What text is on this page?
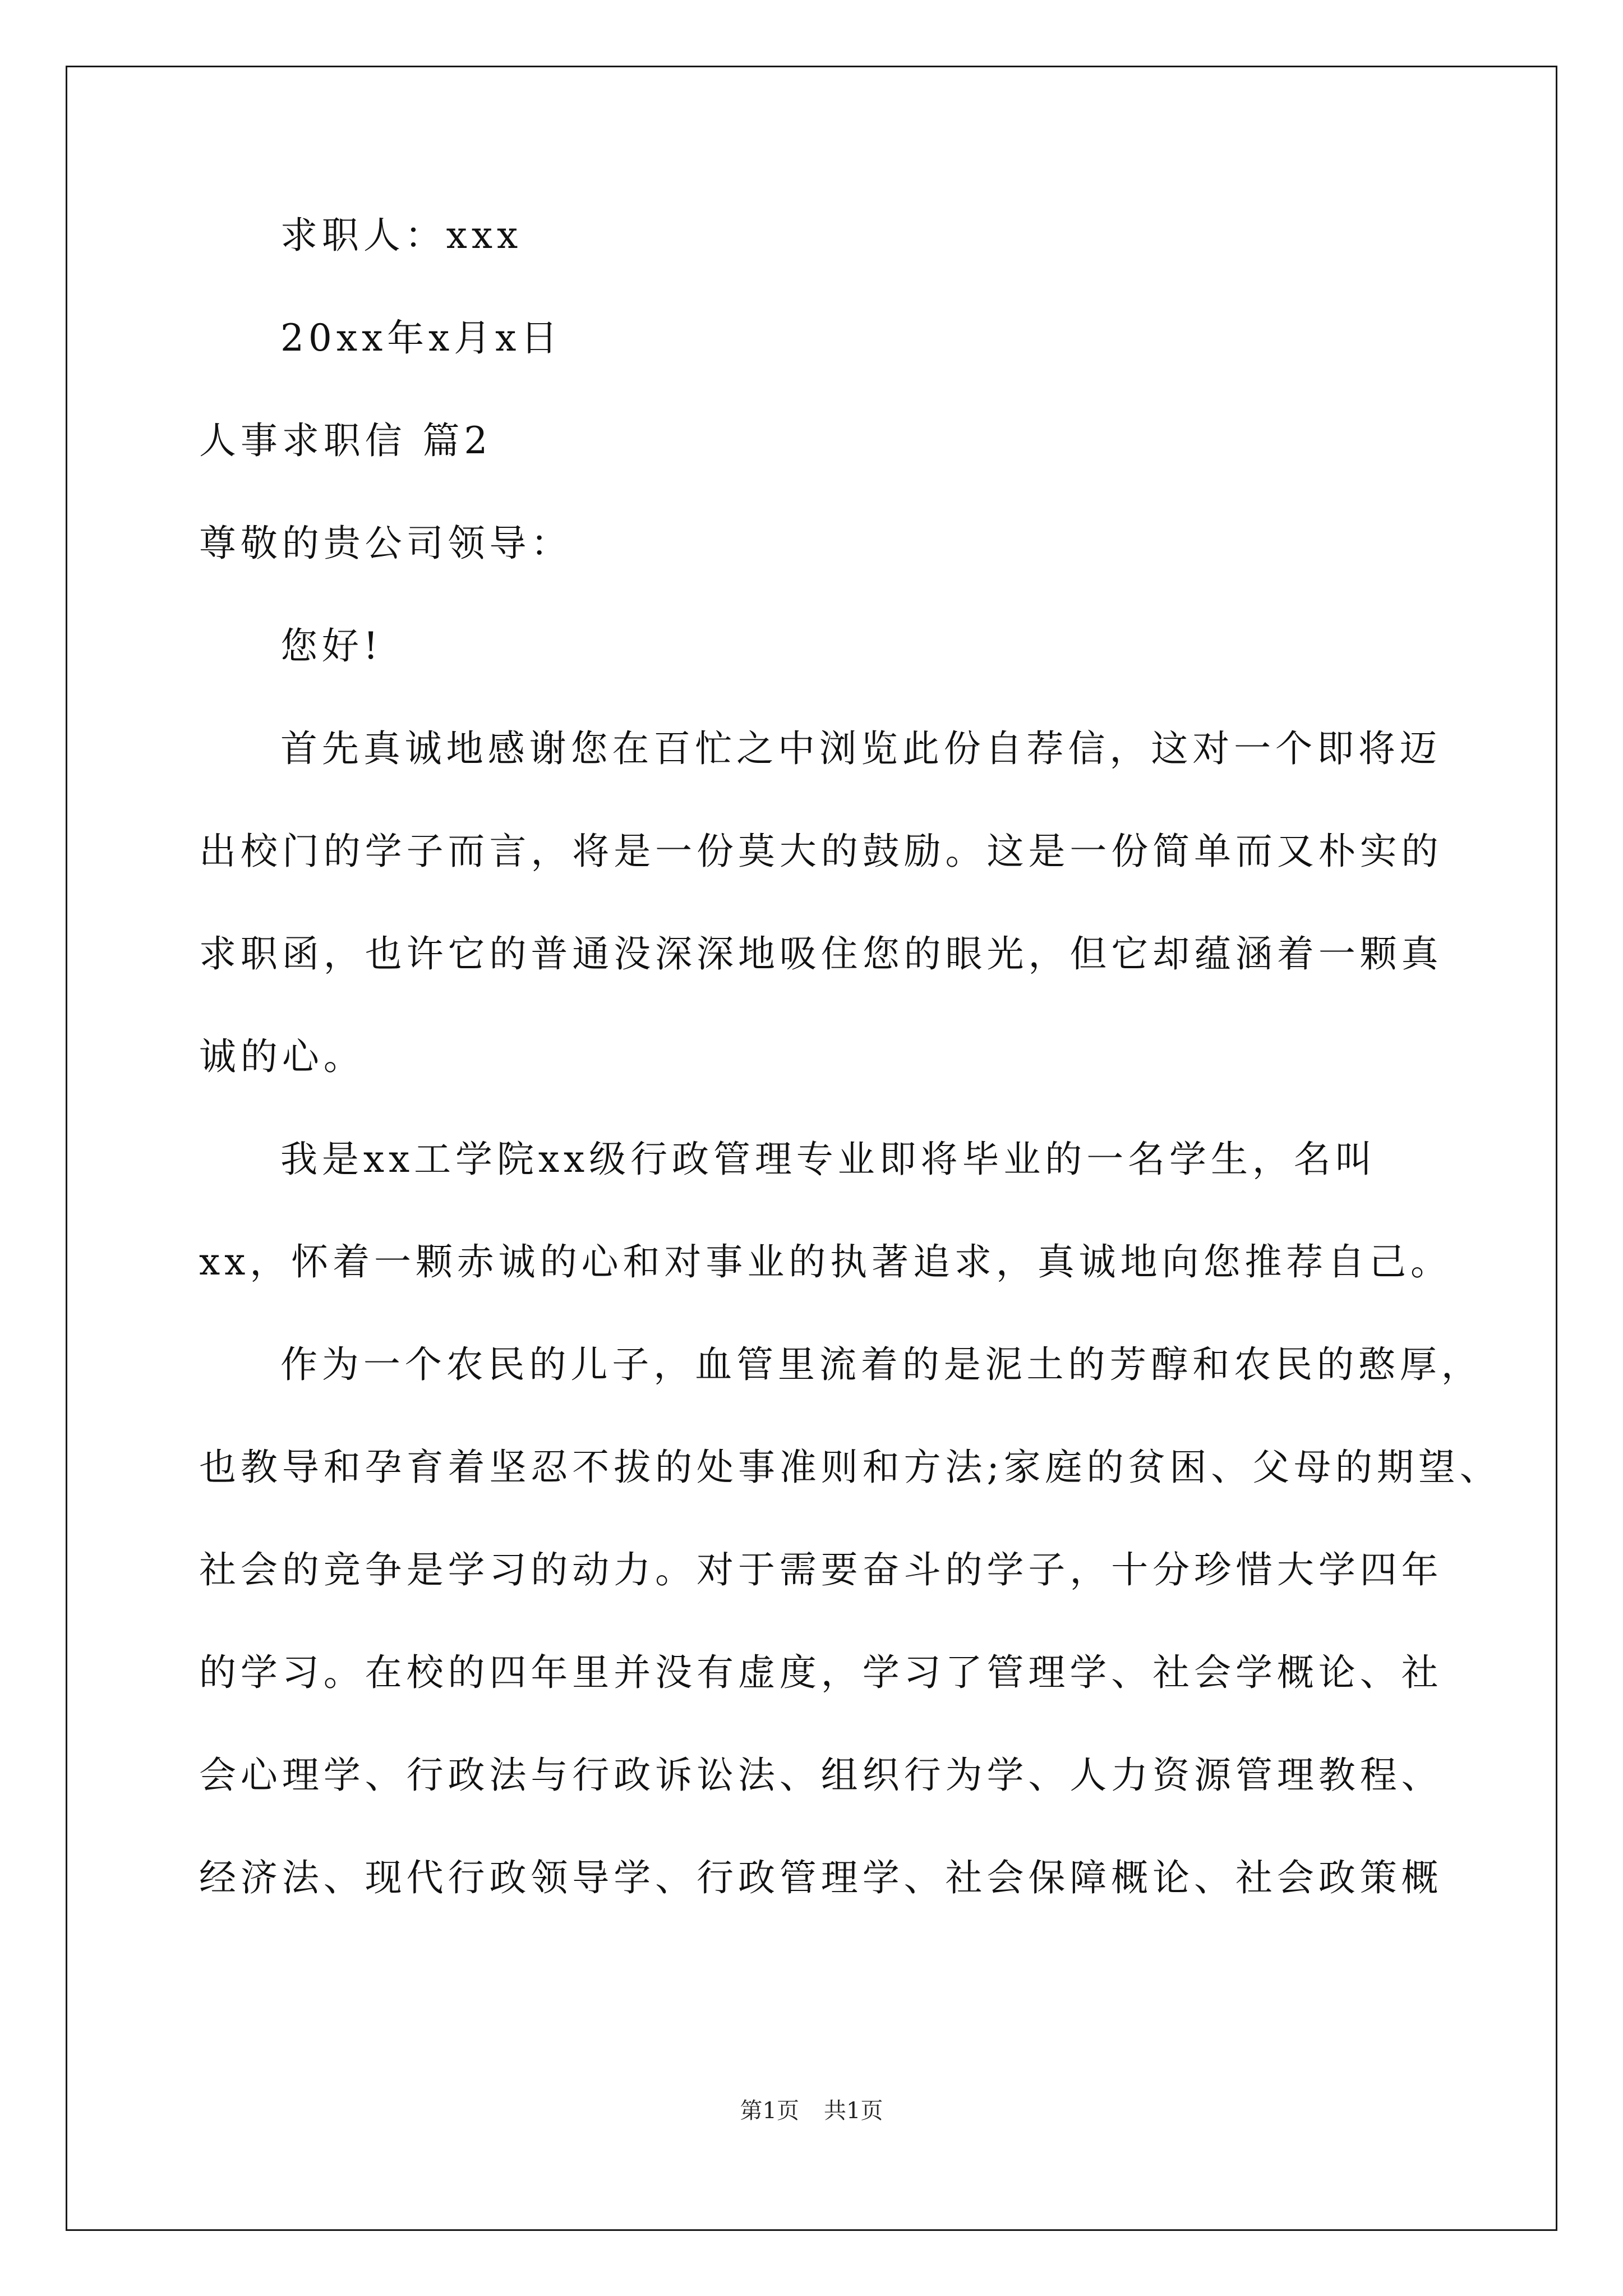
求职人：xxx
20xx年x月x日
人事求职信 篇2
尊敬的贵公司领导：
您好!
首先真诚地感谢您在百忙之中浏览此份自荐信，这对一个即将迈
出校门的学子而言，将是一份莫大的鼓励。这是一份简单而又朴实的
求职函，也许它的普通没深深地吸住您的眼光，但它却蕴涵着一颗真
诚的心。
我是xx工学院xx级行政管理专业即将毕业的一名学生，名叫
xx，怀着一颗赤诚的心和对事业的执著追求，真诚地向您推荐自己。
作为一个农民的儿子，血管里流着的是泥土的芳醇和农民的憨厚，
也教导和孕育着坚忍不拔的处事准则和方法;家庭的贫困、父母的期望、
社会的竞争是学习的动力。对于需要奋斗的学子，十分珍惜大学四年
的学习。在校的四年里并没有虚度，学习了管理学、社会学概论、社
会心理学、行政法与行政诉讼法、组织行为学、人力资源管理教程、
经济法、现代行政领导学、行政管理学、社会保障概论、社会政策概
第1页 共1页
